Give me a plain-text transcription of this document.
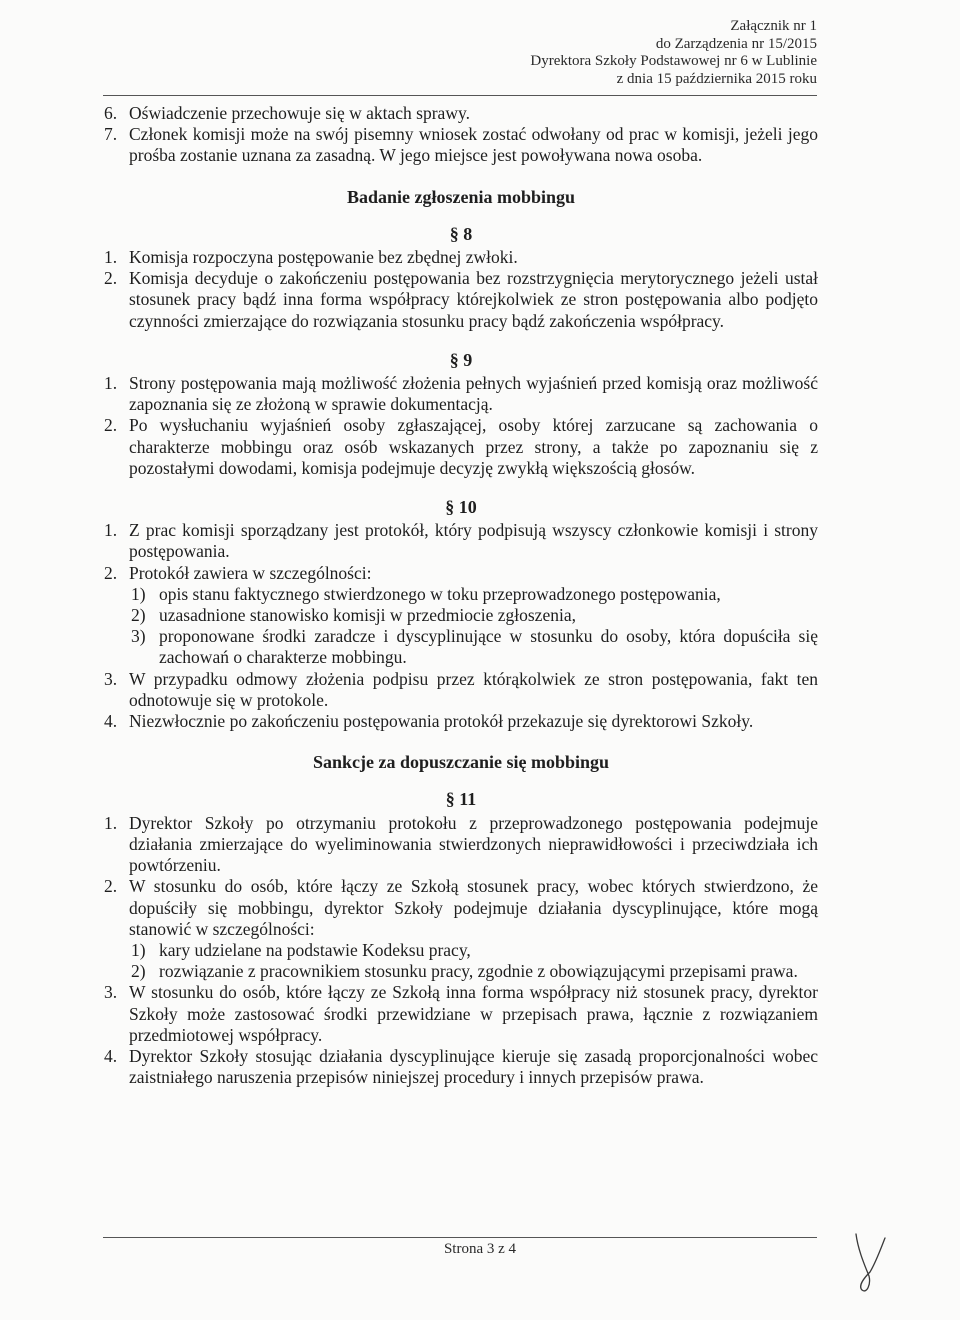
Załącznik nr 1
do Zarządzenia nr 15/2015
Dyrektora Szkoły Podstawowej nr 6 w Lublinie
z dnia 15 października 2015 roku
6. Oświadczenie przechowuje się w aktach sprawy.
7. Członek komisji może na swój pisemny wniosek zostać odwołany od prac w komisji, jeżeli jego prośba zostanie uznana za zasadną. W jego miejsce jest powoływana nowa osoba.
Badanie zgłoszenia mobbingu
§ 8
1. Komisja rozpoczyna postępowanie bez zbędnej zwłoki.
2. Komisja decyduje o zakończeniu postępowania bez rozstrzygnięcia merytorycznego jeżeli ustał stosunek pracy bądź inna forma współpracy którejkolwiek ze stron postępowania albo podjęto czynności zmierzające do rozwiązania stosunku pracy bądź zakończenia współpracy.
§ 9
1. Strony postępowania mają możliwość złożenia pełnych wyjaśnień przed komisją oraz możliwość zapoznania się ze złożoną w sprawie dokumentacją.
2. Po wysłuchaniu wyjaśnień osoby zgłaszającej, osoby której zarzucane są zachowania o charakterze mobbingu oraz osób wskazanych przez strony, a także po zapoznaniu się z pozostałymi dowodami, komisja podejmuje decyzję zwykłą większością głosów.
§ 10
1. Z prac komisji sporządzany jest protokół, który podpisują wszyscy członkowie komisji i strony postępowania.
2. Protokół zawiera w szczególności:
1) opis stanu faktycznego stwierdzonego w toku przeprowadzonego postępowania,
2) uzasadnione stanowisko komisji w przedmiocie zgłoszenia,
3) proponowane środki zaradcze i dyscyplinujące w stosunku do osoby, która dopuściła się zachowań o charakterze mobbingu.
3. W przypadku odmowy złożenia podpisu przez którąkolwiek ze stron postępowania, fakt ten odnotowuje się w protokole.
4. Niezwłocznie po zakończeniu postępowania protokół przekazuje się dyrektorowi Szkoły.
Sankcje za dopuszczanie się mobbingu
§ 11
1. Dyrektor Szkoły po otrzymaniu protokołu z przeprowadzonego postępowania podejmuje działania zmierzające do wyeliminowania stwierdzonych nieprawidłowości i przeciwdziała ich powtórzeniu.
2. W stosunku do osób, które łączy ze Szkołą stosunek pracy, wobec których stwierdzono, że dopuściły się mobbingu, dyrektor Szkoły podejmuje działania dyscyplinujące, które mogą stanowić w szczególności:
1) kary udzielane na podstawie Kodeksu pracy,
2) rozwiązanie z pracownikiem stosunku pracy, zgodnie z obowiązującymi przepisami prawa.
3. W stosunku do osób, które łączy ze Szkołą inna forma współpracy niż stosunek pracy, dyrektor Szkoły może zastosować środki przewidziane w przepisach prawa, łącznie z rozwiązaniem przedmiotowej współpracy.
4. Dyrektor Szkoły stosując działania dyscyplinujące kieruje się zasadą proporcjonalności wobec zaistniałego naruszenia przepisów niniejszej procedury i innych przepisów prawa.
Strona 3 z 4
